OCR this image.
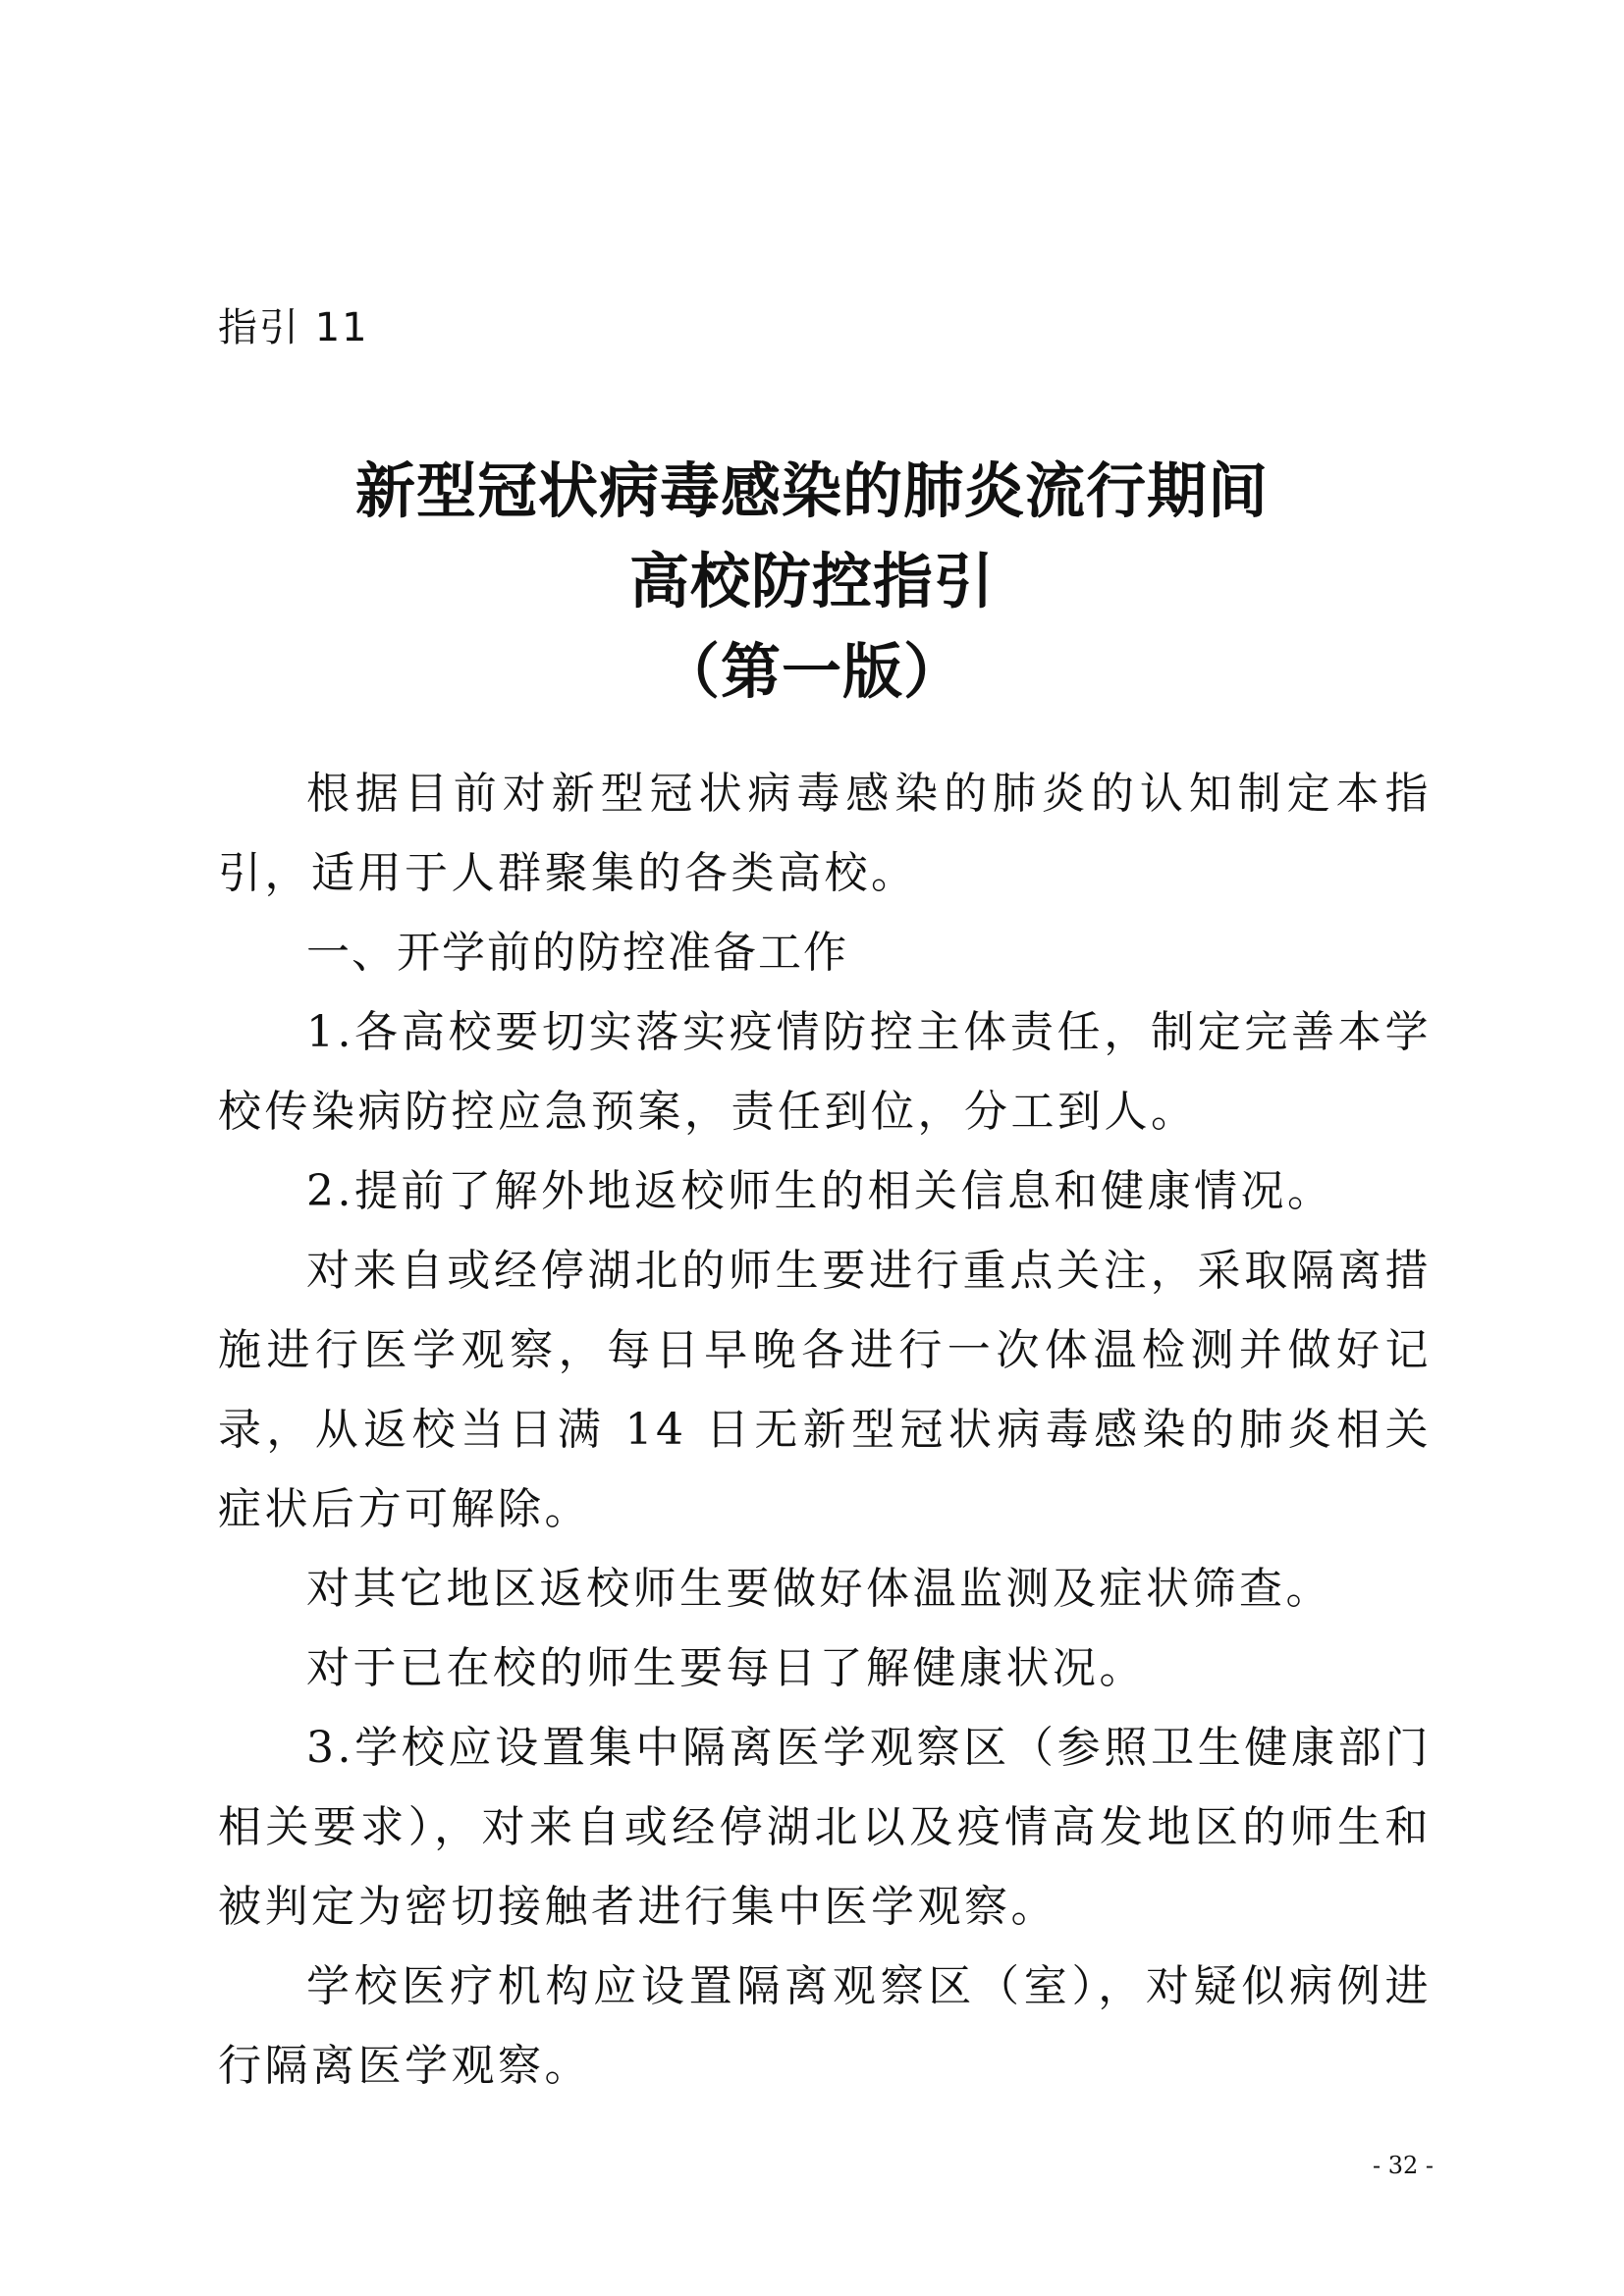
指引 11
新型冠状病毒感染的肺炎流行期间
高校防控指引
（第一版）

根据目前对新型冠状病毒感染的肺炎的认知制定本指引，适用于人群聚集的各类高校。

一、开学前的防控准备工作

1.各高校要切实落实疫情防控主体责任，制定完善本学校传染病防控应急预案，责任到位，分工到人。

2.提前了解外地返校师生的相关信息和健康情况。

对来自或经停湖北的师生要进行重点关注，采取隔离措施进行医学观察，每日早晚各进行一次体温检测并做好记录，从返校当日满 14 日无新型冠状病毒感染的肺炎相关症状后方可解除。

对其它地区返校师生要做好体温监测及症状筛查。

对于已在校的师生要每日了解健康状况。

3.学校应设置集中隔离医学观察区（参照卫生健康部门相关要求），对来自或经停湖北以及疫情高发地区的师生和被判定为密切接触者进行集中医学观察。

学校医疗机构应设置隔离观察区（室），对疑似病例进行隔离医学观察。

- 32 -
